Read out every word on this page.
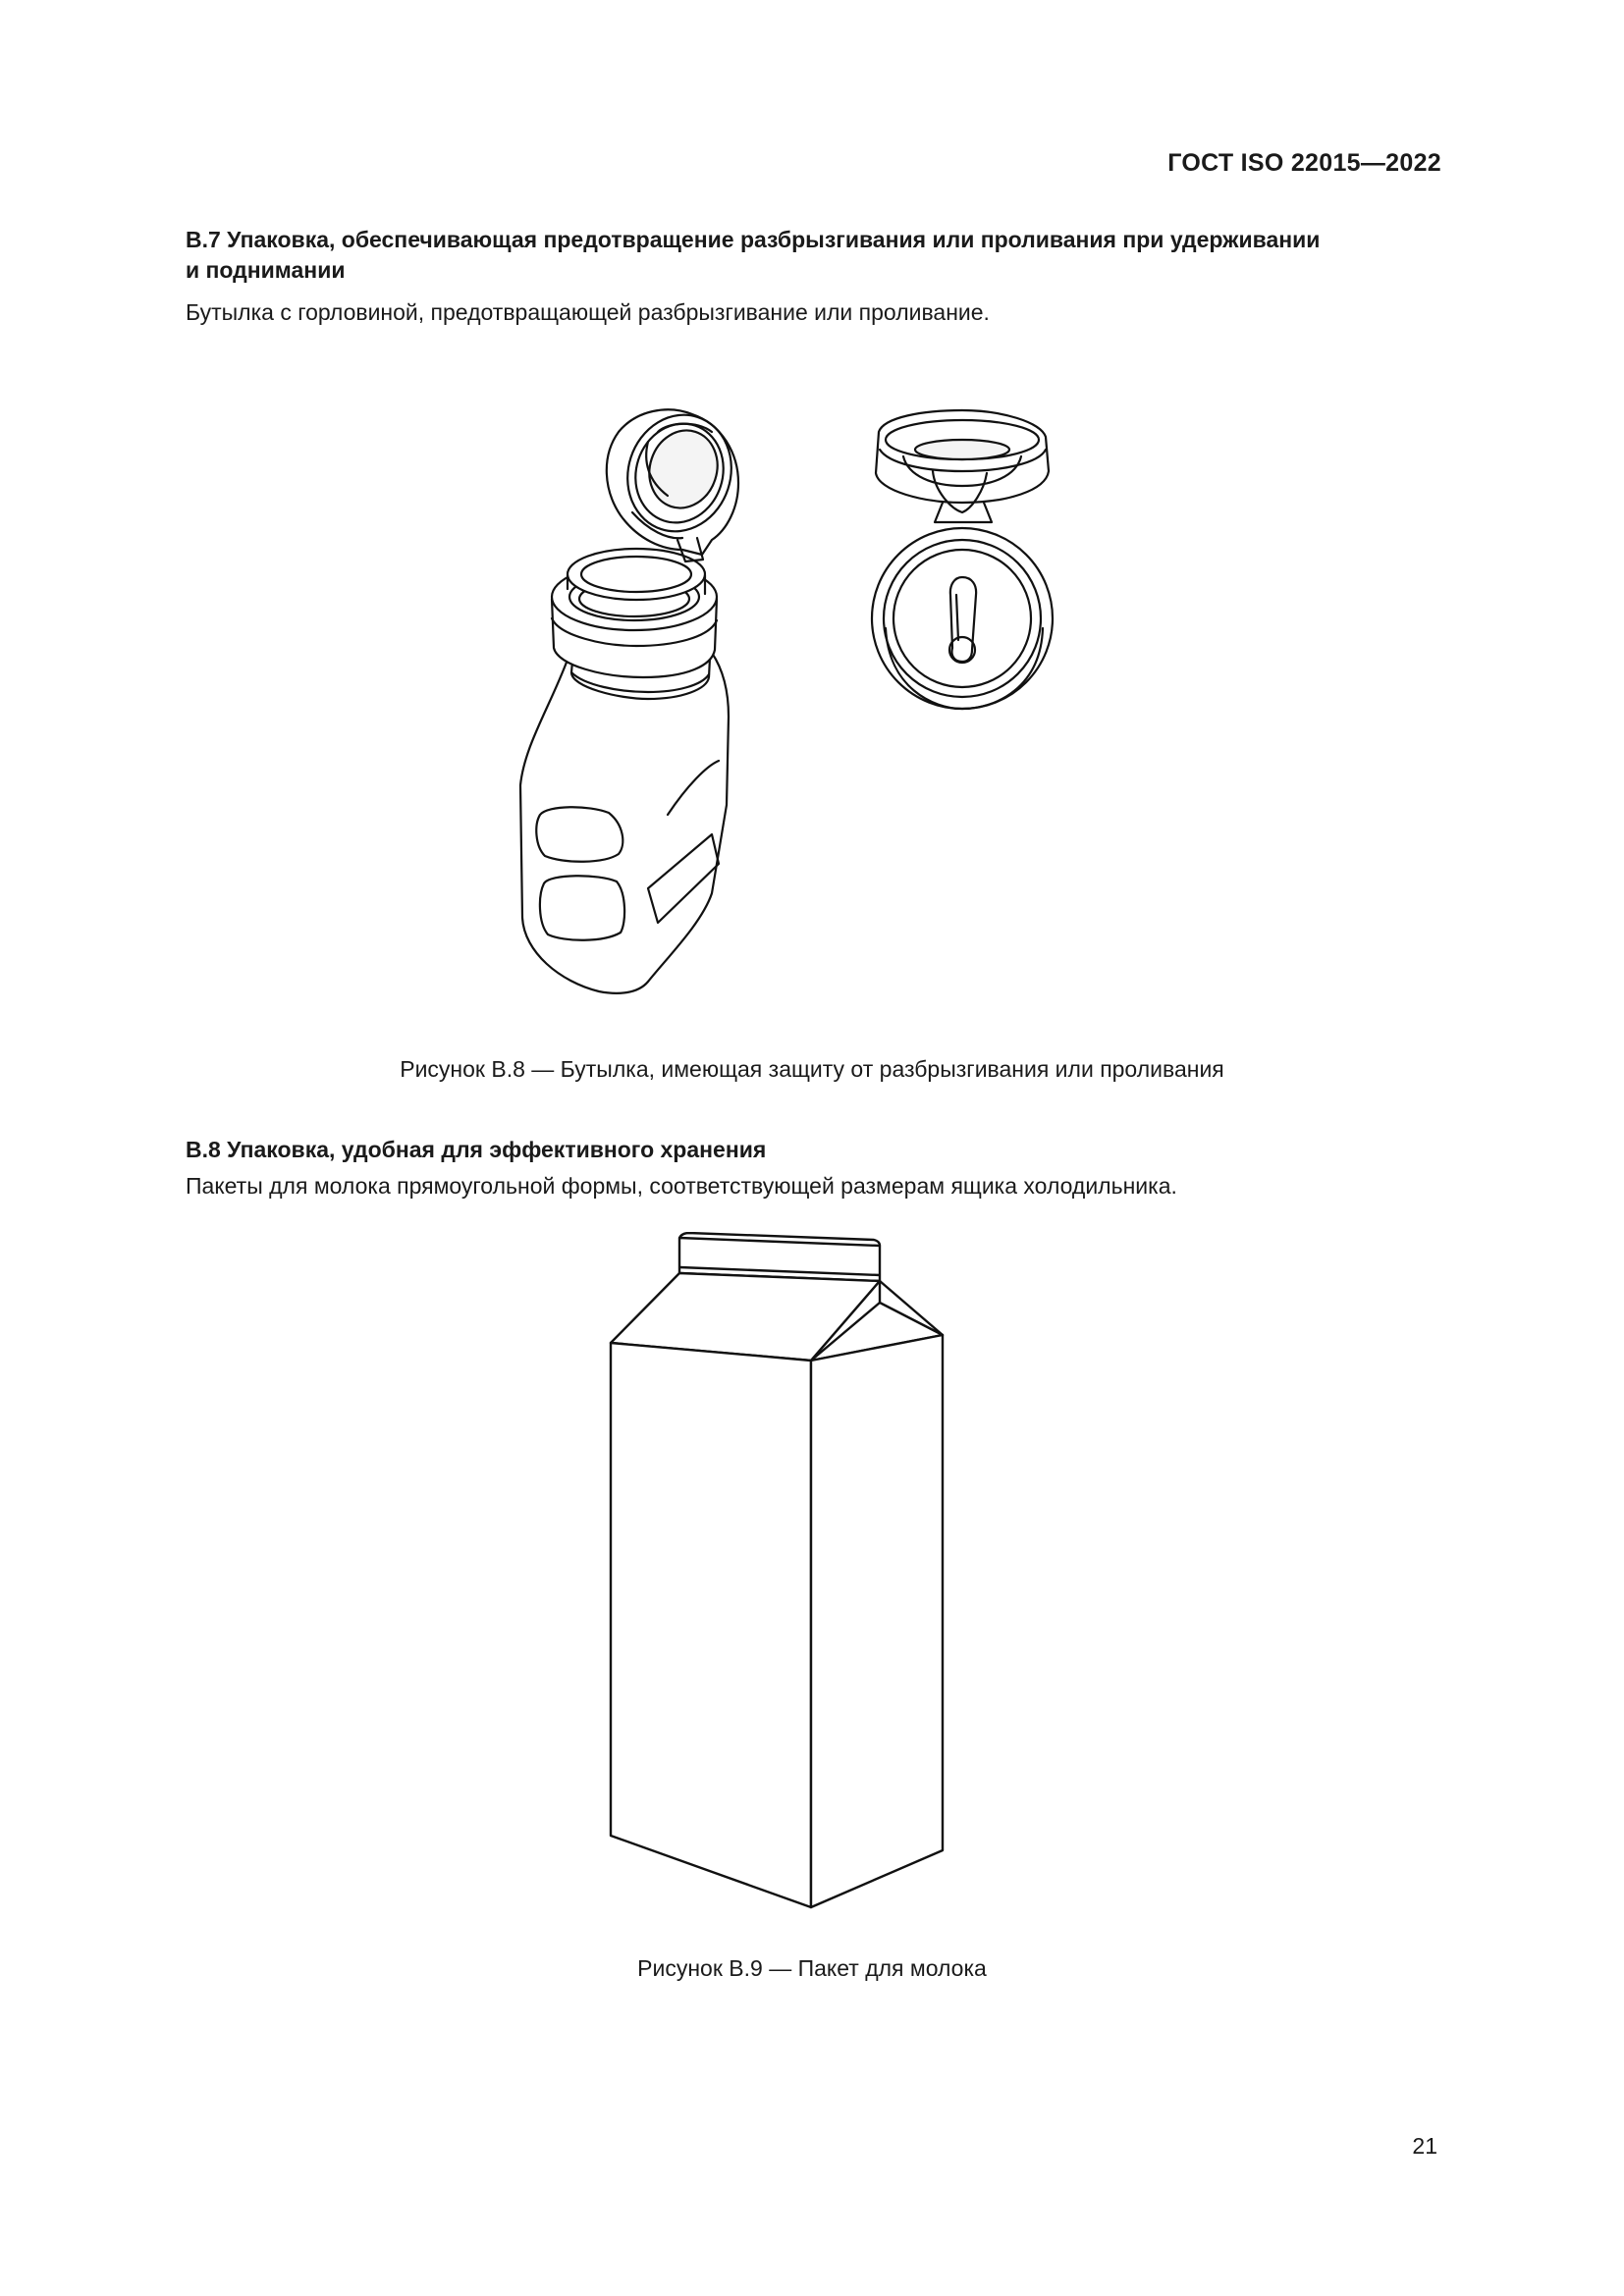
ГОСТ ISO 22015—2022
B.7 Упаковка, обеспечивающая предотвращение разбрызгивания или проливания при удерживании
и поднимании
Бутылка с горловиной, предотвращающей разбрызгивание или проливание.
Рисунок B.8 — Бутылка, имеющая защиту от разбрызгивания или проливания
B.8 Упаковка, удобная для эффективного хранения
Пакеты для молока прямоугольной формы, соответствующей размерам ящика холодильника.
Рисунок B.9 — Пакет для молока
21
